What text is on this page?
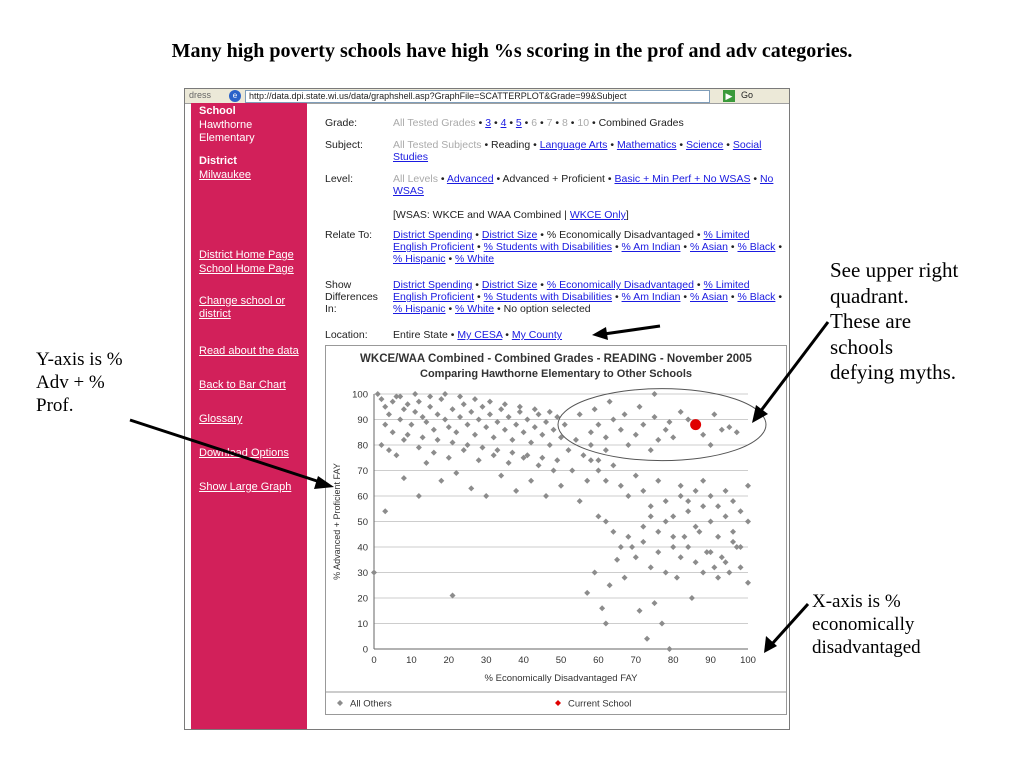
Many high poverty schools have high %s scoring in the prof and adv categories.
dress	e	http://data.dpi.state.wi.us/data/graphshell.asp?GraphFile=SCATTERPLOT&Grade=99&Subject	▶ Go
School
Hawthorne Elementary
District
Milwaukee
District Home Page
School Home Page
Change school or district
Read about the data
Back to Bar Chart
Glossary
Download Options
Show Large Graph
Grade:	All Tested Grades • 3 • 4 • 5 • 6 • 7 • 8 • 10 • Combined Grades
Subject:	All Tested Subjects • Reading • Language Arts • Mathematics • Science • Social Studies
Level:	All Levels • Advanced • Advanced + Proficient • Basic + Min Perf + No WSAS • No WSAS
[WSAS: WKCE and WAA Combined | WKCE Only]
Relate To:	District Spending • District Size • % Economically Disadvantaged • % Limited English Proficient • % Students with Disabilities • % Am Indian • % Asian • % Black • % Hispanic • % White
Show Differences In:
District Spending • District Size • % Economically Disadvantaged • % Limited English Proficient • % Students with Disabilities • % Am Indian • % Asian • % Black • % Hispanic • % White • No option selected
Location:	Entire State • My CESA • My County
WKCE/WAA Combined - Combined Grades - READING - November 2005
Comparing Hawthorne Elementary to Other Schools
0
10
20
30
40
50
60
70
80
90
100
0	10	20	30	40	50	60	70	80	90	100
% Economically Disadvantaged FAY
% Advanced + Proficient FAY
All Others	Current School
Y-axis is % Adv + % Prof.
See upper right quadrant. These are schools defying myths.
X-axis is % economically disadvantaged
